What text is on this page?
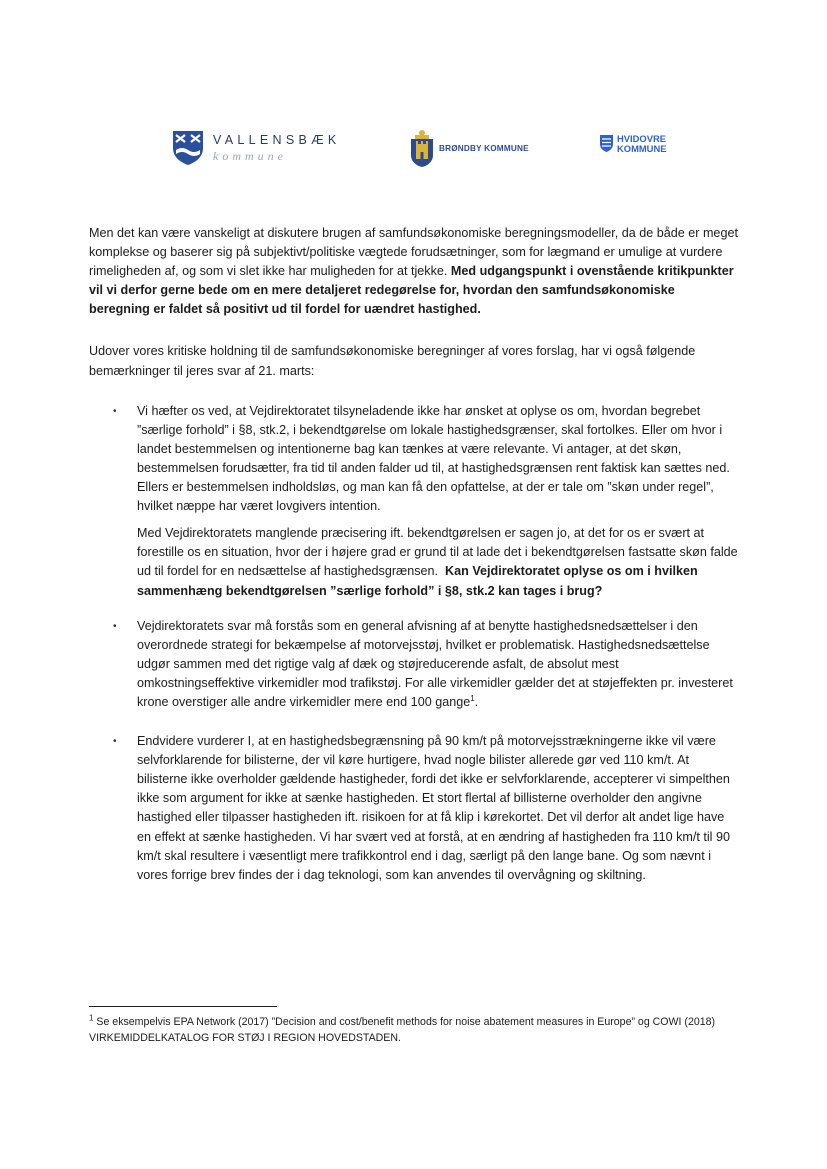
VALLENSBÆK
kommune
BRØNDBY KOMMUNE
HVIDOVRE
KOMMUNE

Men det kan være vanskeligt at diskutere brugen af samfundsøkonomiske beregningsmodeller, da de både er meget komplekse og baserer sig på subjektivt/politiske vægtede forudsætninger, som for lægmand er umulige at vurdere rimeligheden af, og som vi slet ikke har muligheden for at tjekke. Med udgangspunkt i ovenstående kritikpunkter vil vi derfor gerne bede om en mere detaljeret redegørelse for, hvordan den samfundsøkonomiske beregning er faldet så positivt ud til fordel for uændret hastighed.

Udover vores kritiske holdning til de samfundsøkonomiske beregninger af vores forslag, har vi også følgende bemærkninger til jeres svar af 21. marts:

• Vi hæfter os ved, at Vejdirektoratet tilsyneladende ikke har ønsket at oplyse os om, hvordan begrebet ”særlige forhold” i §8, stk.2, i bekendtgørelse om lokale hastighedsgrænser, skal fortolkes. Eller om hvor i landet bestemmelsen og intentionerne bag kan tænkes at være relevante. Vi antager, at det skøn, bestemmelsen forudsætter, fra tid til anden falder ud til, at hastighedsgrænsen rent faktisk kan sættes ned. Ellers er bestemmelsen indholdsløs, og man kan få den opfattelse, at der er tale om ”skøn under regel”, hvilket næppe har været lovgivers intention.

Med Vejdirektoratets manglende præcisering ift. bekendtgørelsen er sagen jo, at det for os er svært at forestille os en situation, hvor der i højere grad er grund til at lade det i bekendtgørelsen fastsatte skøn falde ud til fordel for en nedsættelse af hastighedsgrænsen. Kan Vejdirektoratet oplyse os om i hvilken sammenhæng bekendtgørelsen ”særlige forhold” i §8, stk.2 kan tages i brug?

• Vejdirektoratets svar må forstås som en general afvisning af at benytte hastighedsnedsættelser i den overordnede strategi for bekæmpelse af motorvejsstøj, hvilket er problematisk. Hastighedsnedsættelse udgør sammen med det rigtige valg af dæk og støjreducerende asfalt, de absolut mest omkostningseffektive virkemidler mod trafikstøj. For alle virkemidler gælder det at støjeffekten pr. investeret krone overstiger alle andre virkemidler mere end 100 gange$^1$.

• Endvidere vurderer I, at en hastighedsbegrænsning på 90 km/t på motorvejsstrækningerne ikke vil være selvforklarende for bilisterne, der vil køre hurtigere, hvad nogle bilister allerede gør ved 110 km/t. At bilisterne ikke overholder gældende hastigheder, fordi det ikke er selvforklarende, accepterer vi simpelthen ikke som argument for ikke at sænke hastigheden. Et stort flertal af billisterne overholder den angivne hastighed eller tilpasser hastigheden ift. risikoen for at få klip i kørekortet. Det vil derfor alt andet lige have en effekt at sænke hastigheden. Vi har svært ved at forstå, at en ændring af hastigheden fra 110 km/t til 90 km/t skal resultere i væsentligt mere trafikkontrol end i dag, særligt på den lange bane. Og som nævnt i vores forrige brev findes der i dag teknologi, som kan anvendes til overvågning og skiltning.

$^1$ Se eksempelvis EPA Network (2017) ”Decision and cost/benefit methods for noise abatement measures in Europe” og COWI (2018) VIRKEMIDDELKATALOG FOR STØJ I REGION HOVEDSTADEN.
